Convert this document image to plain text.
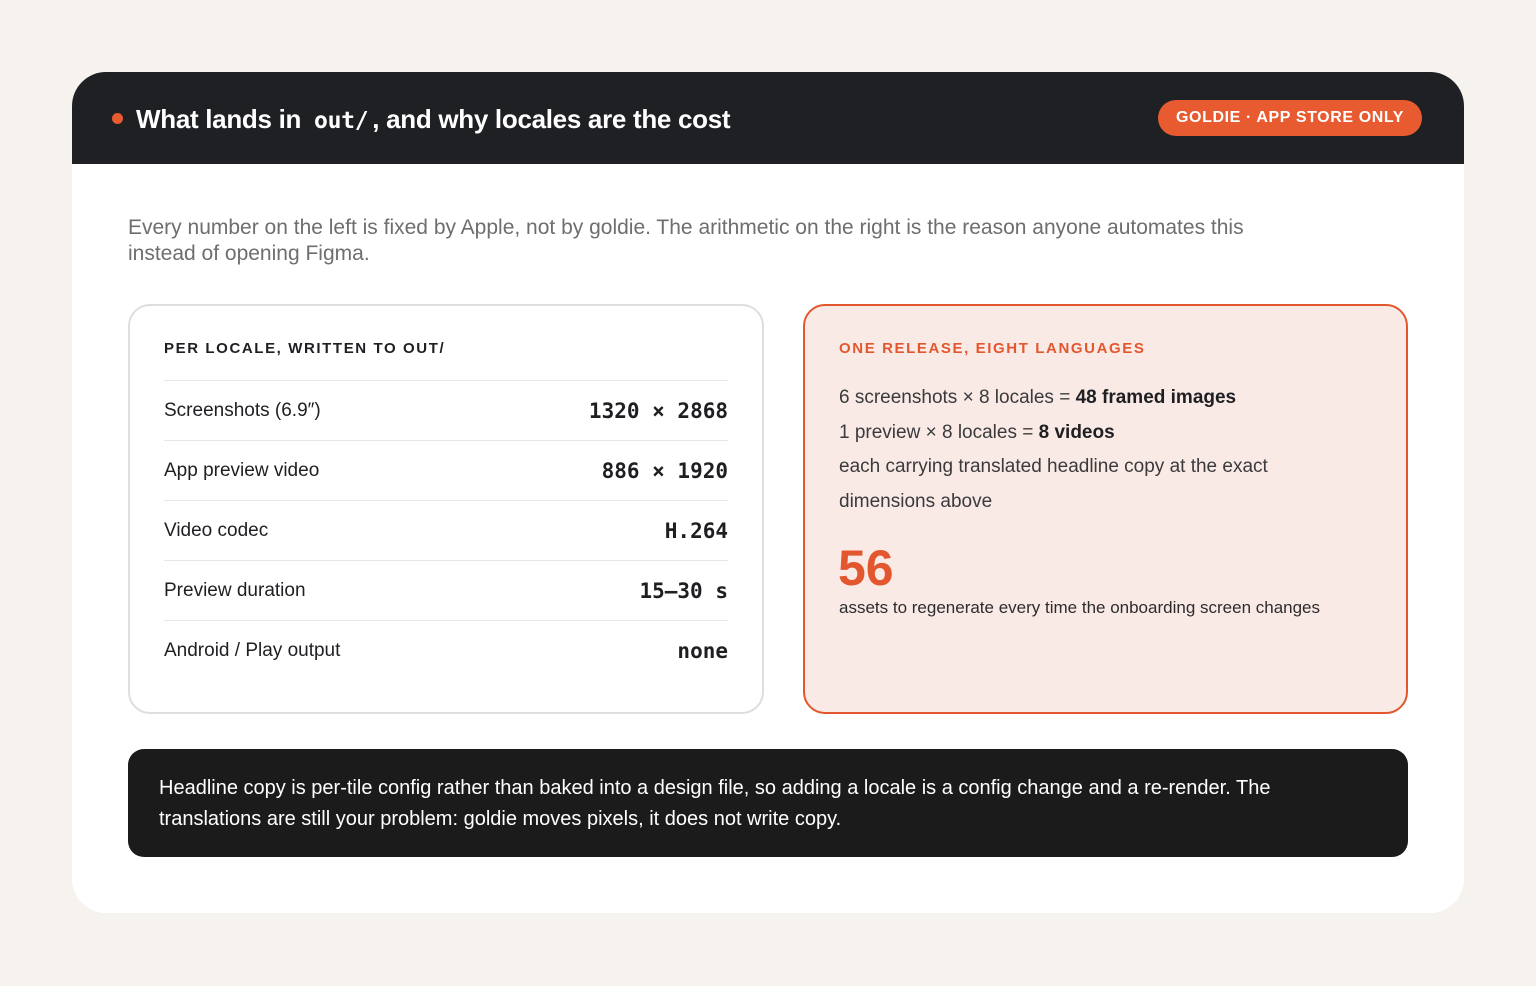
What lands in out/ , and why locales are the cost	GOLDIE · APP STORE ONLY

Every number on the left is fixed by Apple, not by goldie. The arithmetic on the right is the reason anyone automates this instead of opening Figma.

PER LOCALE, WRITTEN TO OUT/
Screenshots (6.9″)	1320 × 2868
App preview video	886 × 1920
Video codec	H.264
Preview duration	15–30 s
Android / Play output	none
ONE RELEASE, EIGHT LANGUAGES
6 screenshots × 8 locales = 48 framed images
1 preview × 8 locales = 8 videos
each carrying translated headline copy at the exact dimensions above
56
assets to regenerate every time the onboarding screen changes

Headline copy is per-tile config rather than baked into a design file, so adding a locale is a config change and a re-render. The translations are still your problem: goldie moves pixels, it does not write copy.
